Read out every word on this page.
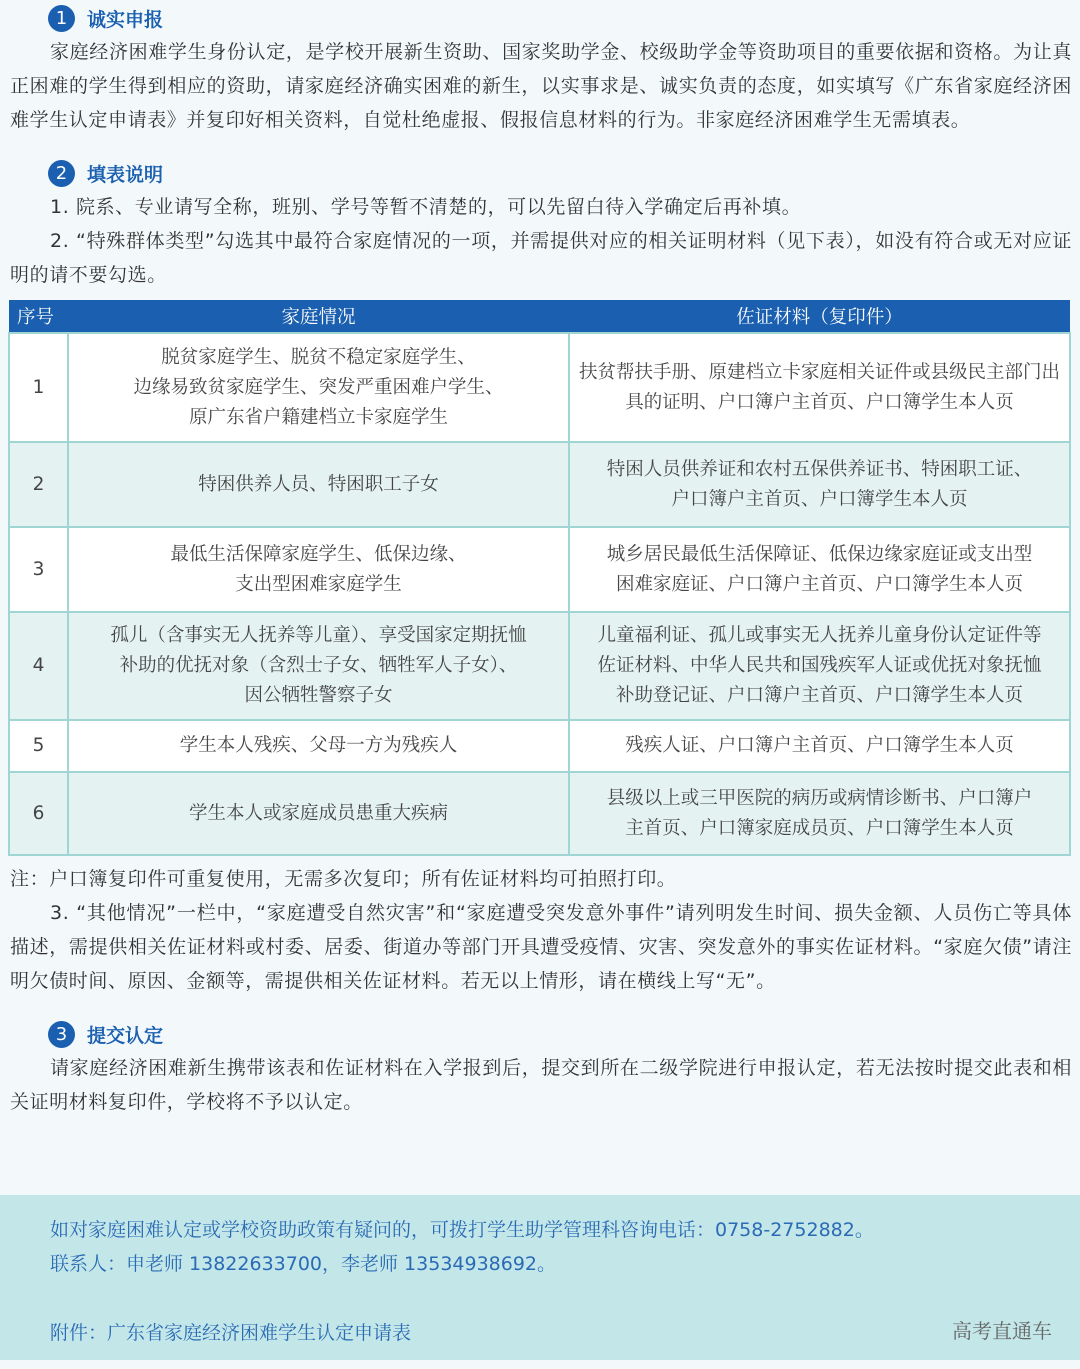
1	诚实申报

家庭经济困难学生身份认定，是学校开展新生资助、国家奖助学金、校级助学金等资助项目的重要依据和资格。为让真正困难的学生得到相应的资助，请家庭经济确实困难的新生，以实事求是、诚实负责的态度，如实填写《广东省家庭经济困难学生认定申请表》并复印好相关资料，自觉杜绝虚报、假报信息材料的行为。非家庭经济困难学生无需填表。

2	填表说明

1. 院系、专业请写全称，班别、学号等暂不清楚的，可以先留白待入学确定后再补填。

2. “特殊群体类型”勾选其中最符合家庭情况的一项，并需提供对应的相关证明材料（见下表），如没有符合或无对应证明的请不要勾选。

序号	家庭情况	佐证材料（复印件）
1	脱贫家庭学生、脱贫不稳定家庭学生、
边缘易致贫家庭学生、突发严重困难户学生、
原广东省户籍建档立卡家庭学生	扶贫帮扶手册、原建档立卡家庭相关证件或县级民主部门出具的证明、户口簿户主首页、户口簿学生本人页
2	特困供养人员、特困职工子女	特困人员供养证和农村五保供养证书、特困职工证、
户口簿户主首页、户口簿学生本人页
3	最低生活保障家庭学生、低保边缘、
支出型困难家庭学生	城乡居民最低生活保障证、低保边缘家庭证或支出型
困难家庭证、户口簿户主首页、户口簿学生本人页
4	孤儿（含事实无人抚养等儿童）、享受国家定期抚恤
补助的优抚对象（含烈士子女、牺牲军人子女）、
因公牺牲警察子女	儿童福利证、孤儿或事实无人抚养儿童身份认定证件等
佐证材料、中华人民共和国残疾军人证或优抚对象抚恤
补助登记证、户口簿户主首页、户口簿学生本人页
5	学生本人残疾、父母一方为残疾人	残疾人证、户口簿户主首页、户口簿学生本人页
6	学生本人或家庭成员患重大疾病	县级以上或三甲医院的病历或病情诊断书、户口簿户
主首页、户口簿家庭成员页、户口簿学生本人页

注：户口簿复印件可重复使用，无需多次复印；所有佐证材料均可拍照打印。

3. “其他情况”一栏中，“家庭遭受自然灾害”和“家庭遭受突发意外事件”请列明发生时间、损失金额、人员伤亡等具体描述，需提供相关佐证材料或村委、居委、街道办等部门开具遭受疫情、灾害、突发意外的事实佐证材料。“家庭欠债”请注明欠债时间、原因、金额等，需提供相关佐证材料。若无以上情形，请在横线上写“无”。

3	提交认定

请家庭经济困难新生携带该表和佐证材料在入学报到后，提交到所在二级学院进行申报认定，若无法按时提交此表和相关证明材料复印件，学校将不予以认定。

如对家庭困难认定或学校资助政策有疑问的，可拨打学生助学管理科咨询电话：0758-2752882。
联系人：申老师 13822633700，李老师 13534938692。
附件：广东省家庭经济困难学生认定申请表	高考直通车
